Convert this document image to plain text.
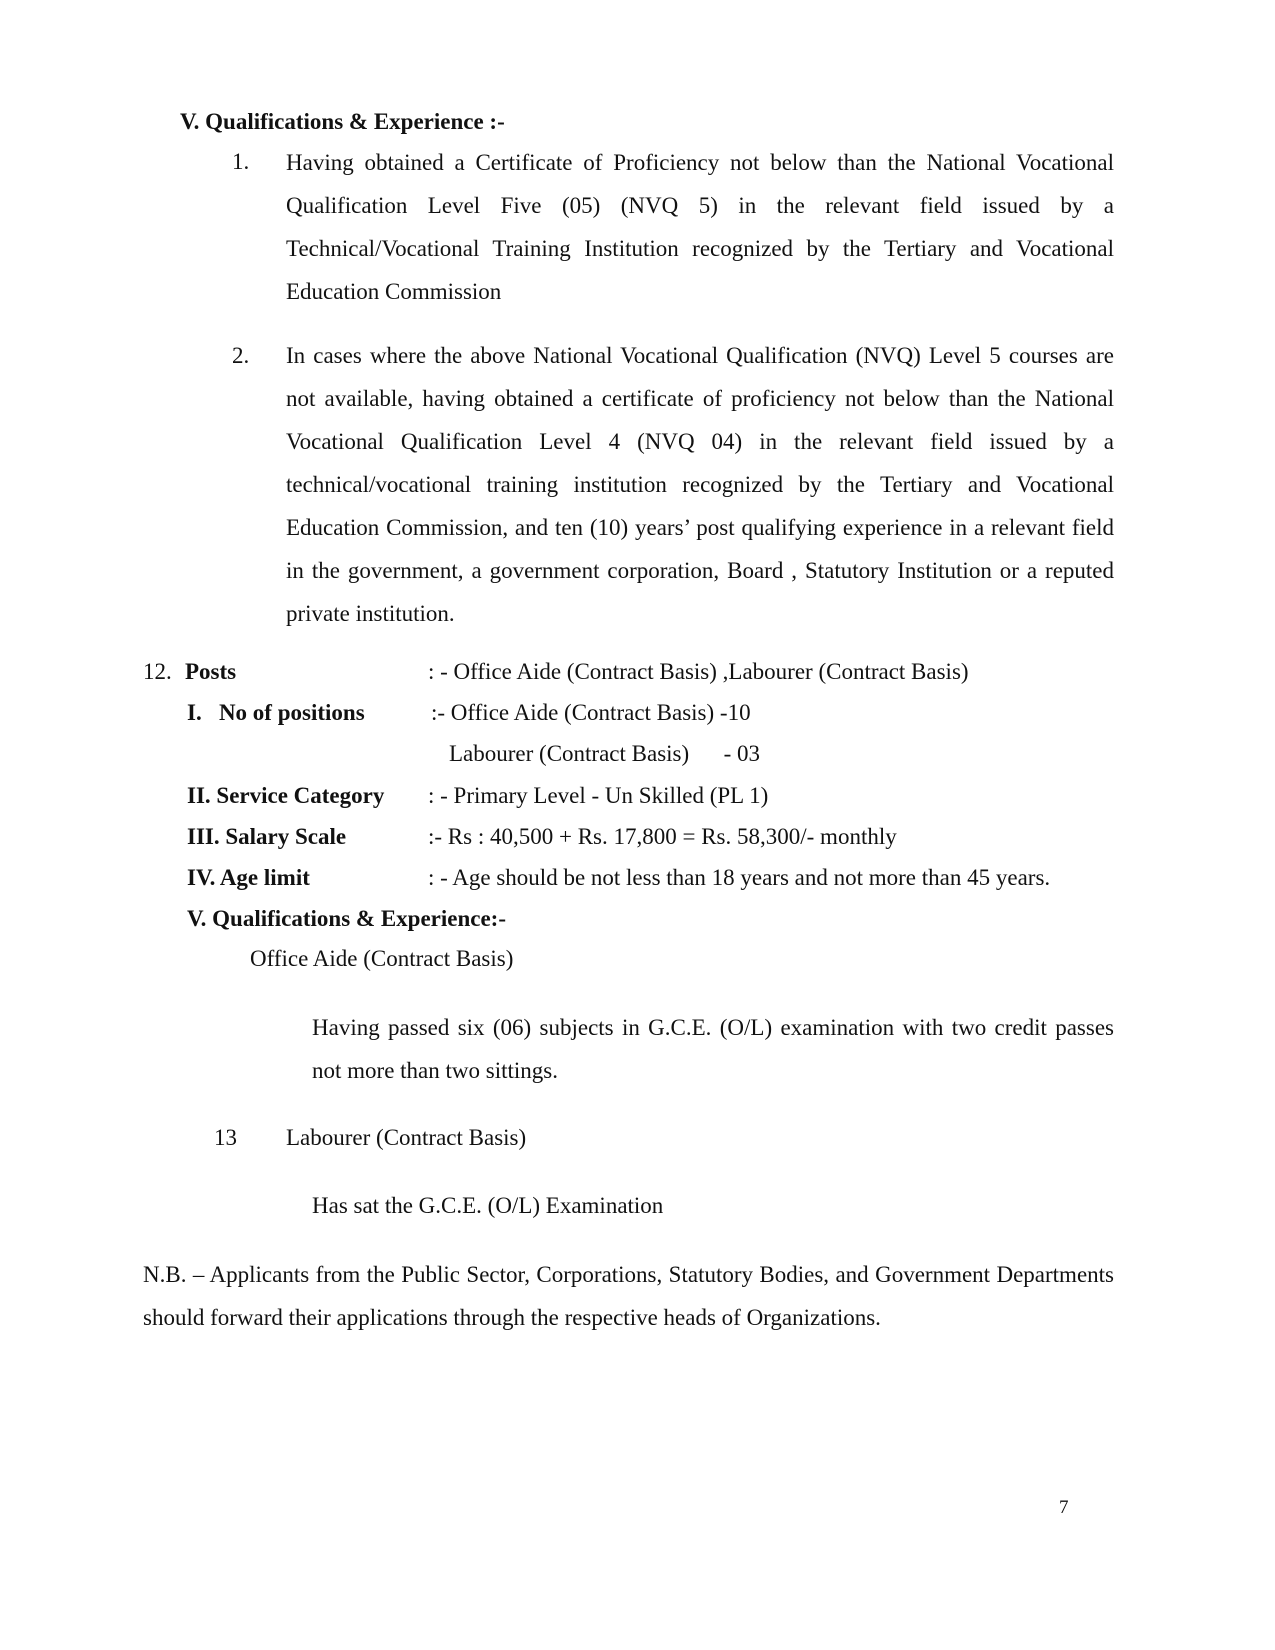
V. Qualifications & Experience :-
1. Having obtained a Certificate of Proficiency not below than the National Vocational Qualification Level Five (05) (NVQ 5) in the relevant field issued by a Technical/Vocational Training Institution recognized by the Tertiary and Vocational Education Commission
2. In cases where the above National Vocational Qualification (NVQ) Level 5 courses are not available, having obtained a certificate of proficiency not below than the National Vocational Qualification Level 4 (NVQ 04) in the relevant field issued by a technical/vocational training institution recognized by the Tertiary and Vocational Education Commission, and ten (10) years’ post qualifying experience in a relevant field in the government, a government corporation, Board , Statutory Institution or a reputed private institution.
12. Posts	: - Office Aide (Contract Basis) ,Labourer (Contract Basis)
I.   No of positions	:- Office Aide (Contract Basis) -10
Labourer (Contract Basis)      - 03
II. Service Category : - Primary Level - Un Skilled (PL 1)
III. Salary Scale	:- Rs : 40,500 + Rs. 17,800 = Rs. 58,300/- monthly
IV. Age limit	: - Age should be not less than 18 years and not more than 45 years.
V. Qualifications & Experience:-
Office Aide (Contract Basis)
Having passed six (06) subjects in G.C.E. (O/L) examination with two credit passes not more than two sittings.
13 Labourer (Contract Basis)
Has sat the G.C.E. (O/L) Examination
N.B. – Applicants from the Public Sector, Corporations, Statutory Bodies, and Government Departments should forward their applications through the respective heads of Organizations.
7
